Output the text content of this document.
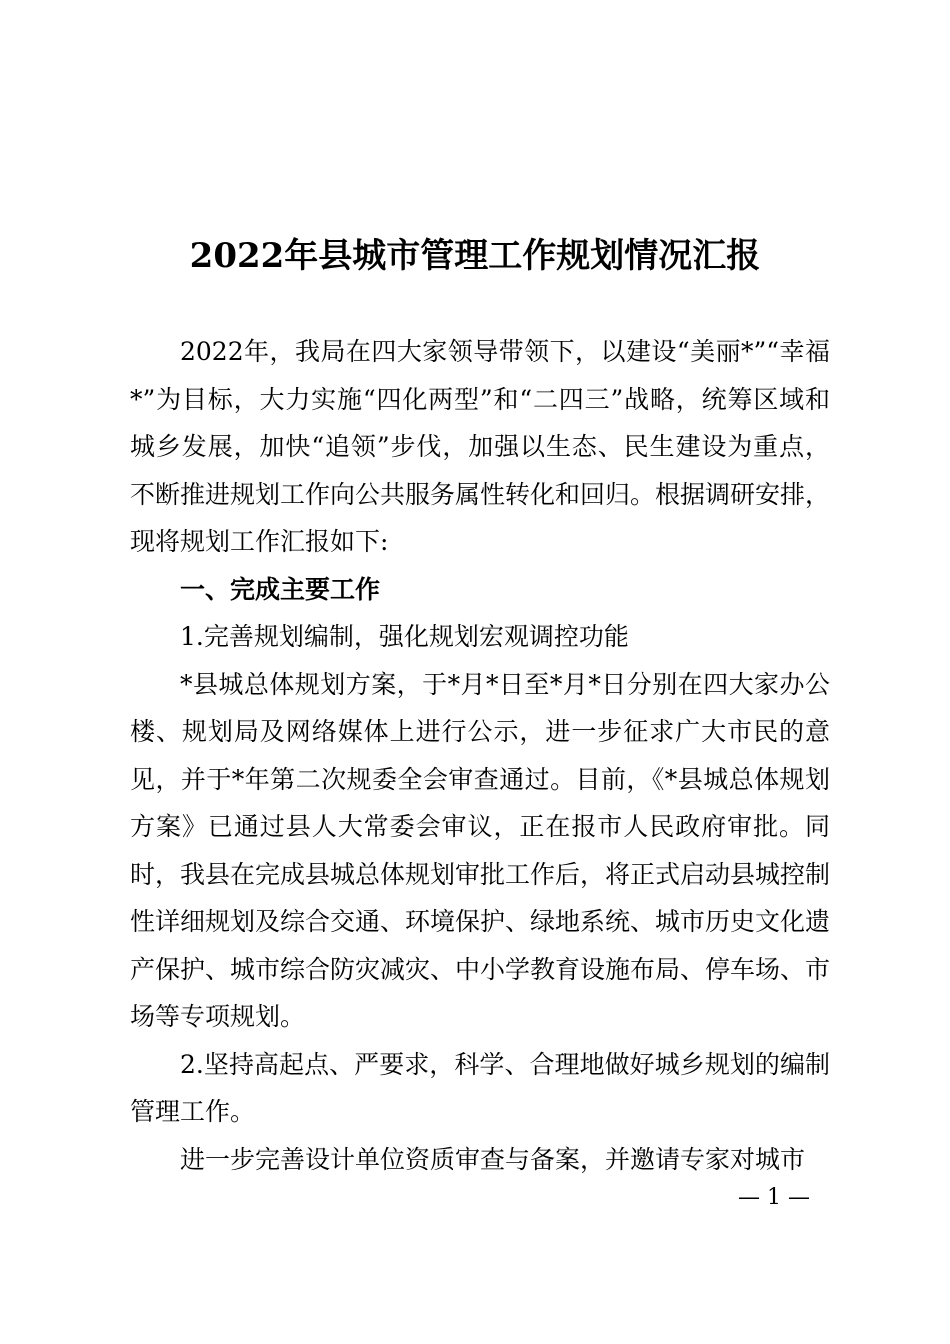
2022年县城市管理工作规划情况汇报

2022年，我局在四大家领导带领下，以建设“美丽*”“幸福*”为目标，大力实施“四化两型”和“二四三”战略，统筹区域和城乡发展，加快“追领”步伐，加强以生态、民生建设为重点，不断推进规划工作向公共服务属性转化和回归。根据调研安排，现将规划工作汇报如下:

一、完成主要工作

1.完善规划编制，强化规划宏观调控功能

*县城总体规划方案，于*月*日至*月*日分别在四大家办公楼、规划局及网络媒体上进行公示，进一步征求广大市民的意见，并于*年第二次规委全会审查通过。目前，《*县城总体规划方案》已通过县人大常委会审议，正在报市人民政府审批。同时，我县在完成县城总体规划审批工作后，将正式启动县城控制性详细规划及综合交通、环境保护、绿地系统、城市历史文化遗产保护、城市综合防灾减灾、中小学教育设施布局、停车场、市场等专项规划。

2.坚持高起点、严要求，科学、合理地做好城乡规划的编制管理工作。

进一步完善设计单位资质审查与备案，并邀请专家对城市

— 1 —
